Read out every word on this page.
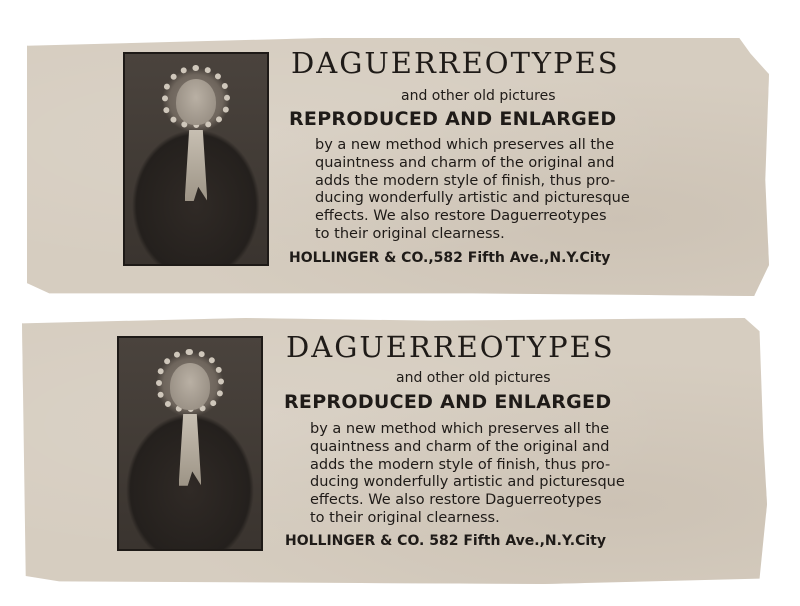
DAGUERREOTYPES
and other old pictures
REPRODUCED AND ENLARGED
by a new method which preserves all the
quaintness and charm of the original and
adds the modern style of finish, thus pro-
ducing wonderfully artistic and picturesque
effects. We also restore Daguerreotypes
to their original clearness.
HOLLINGER & CO.,582 Fifth Ave.,N.Y.City
DAGUERREOTYPES
and other old pictures
REPRODUCED AND ENLARGED
by a new method which preserves all the
quaintness and charm of the original and
adds the modern style of finish, thus pro-
ducing wonderfully artistic and picturesque
effects. We also restore Daguerreotypes
to their original clearness.
HOLLINGER & CO. 582 Fifth Ave.,N.Y.City
